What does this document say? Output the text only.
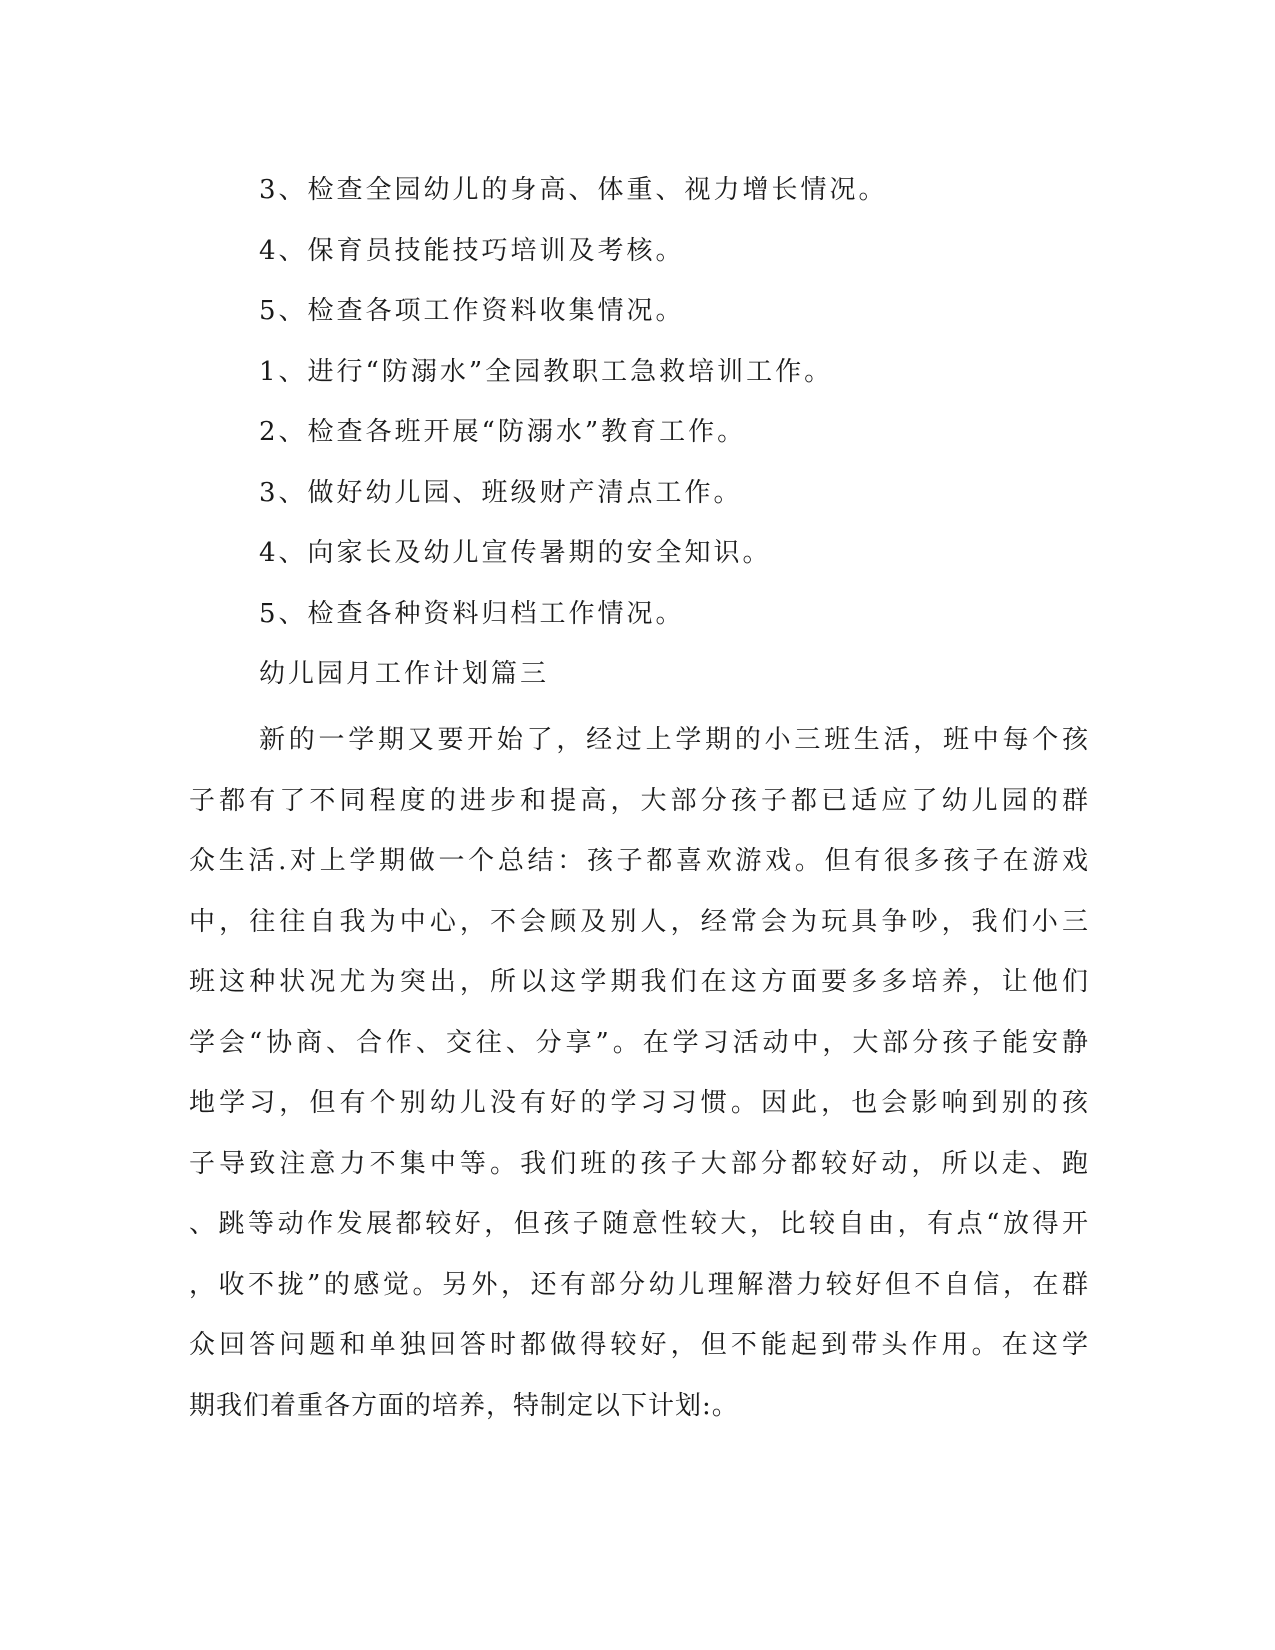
3、检查全园幼儿的身高、体重、视力增长情况。
4、保育员技能技巧培训及考核。
5、检查各项工作资料收集情况。
1、进行“防溺水”全园教职工急救培训工作。
2、检查各班开展“防溺水”教育工作。
3、做好幼儿园、班级财产清点工作。
4、向家长及幼儿宣传暑期的安全知识。
5、检查各种资料归档工作情况。
幼儿园月工作计划篇三
新的一学期又要开始了，经过上学期的小三班生活，班中每个孩
子都有了不同程度的进步和提高，大部分孩子都已适应了幼儿园的群
众生活.对上学期做一个总结：孩子都喜欢游戏。但有很多孩子在游戏
中，往往自我为中心，不会顾及别人，经常会为玩具争吵，我们小三
班这种状况尤为突出，所以这学期我们在这方面要多多培养，让他们
学会“协商、合作、交往、分享”。在学习活动中，大部分孩子能安静
地学习，但有个别幼儿没有好的学习习惯。因此，也会影响到别的孩
子导致注意力不集中等。我们班的孩子大部分都较好动，所以走、跑
、跳等动作发展都较好，但孩子随意性较大，比较自由，有点“放得开
，收不拢”的感觉。另外，还有部分幼儿理解潜力较好但不自信，在群
众回答问题和单独回答时都做得较好，但不能起到带头作用。在这学
期我们着重各方面的培养，特制定以下计划:。
